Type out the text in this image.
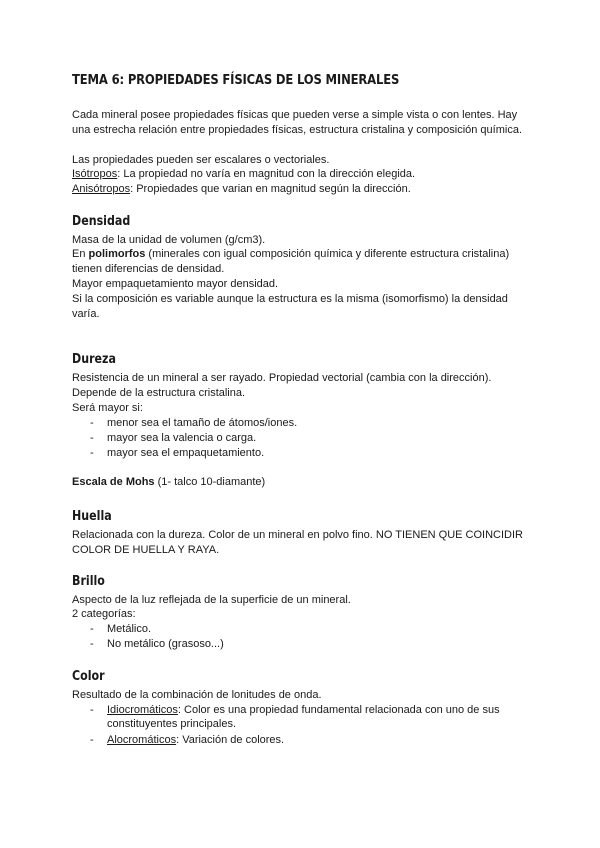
TEMA 6: PROPIEDADES FÍSICAS DE LOS MINERALES
Cada mineral posee propiedades físicas que pueden verse a simple vista o con lentes. Hay
una estrecha relación entre propiedades físicas, estructura cristalina y composición química.
Las propiedades pueden ser escalares o vectoriales.
Isótropos: La propiedad no varía en magnitud con la dirección elegida.
Anisótropos: Propiedades que varian en magnitud según la dirección.
Densidad
Masa de la unidad de volumen (g/cm3).
En polimorfos (minerales con igual composición química y diferente estructura cristalina)
tienen diferencias de densidad.
Mayor empaquetamiento mayor densidad.
Si la composición es variable aunque la estructura es la misma (isomorfismo) la densidad
varía.
Dureza
Resistencia de un mineral a ser rayado. Propiedad vectorial (cambia con la dirección).
Depende de la estructura cristalina.
Será mayor si:
- menor sea el tamaño de átomos/iones.
- mayor sea la valencia o carga.
- mayor sea el empaquetamiento.
Escala de Mohs (1- talco 10-diamante)
Huella
Relacionada con la dureza. Color de un mineral en polvo fino. NO TIENEN QUE COINCIDIR
COLOR DE HUELLA Y RAYA.
Brillo
Aspecto de la luz reflejada de la superficie de un mineral.
2 categorías:
- Metálico.
- No metálico (grasoso...)
Color
Resultado de la combinación de lonitudes de onda.
- Idiocromáticos: Color es una propiedad fundamental relacionada con uno de sus
constituyentes principales.
- Alocromáticos: Variación de colores.
